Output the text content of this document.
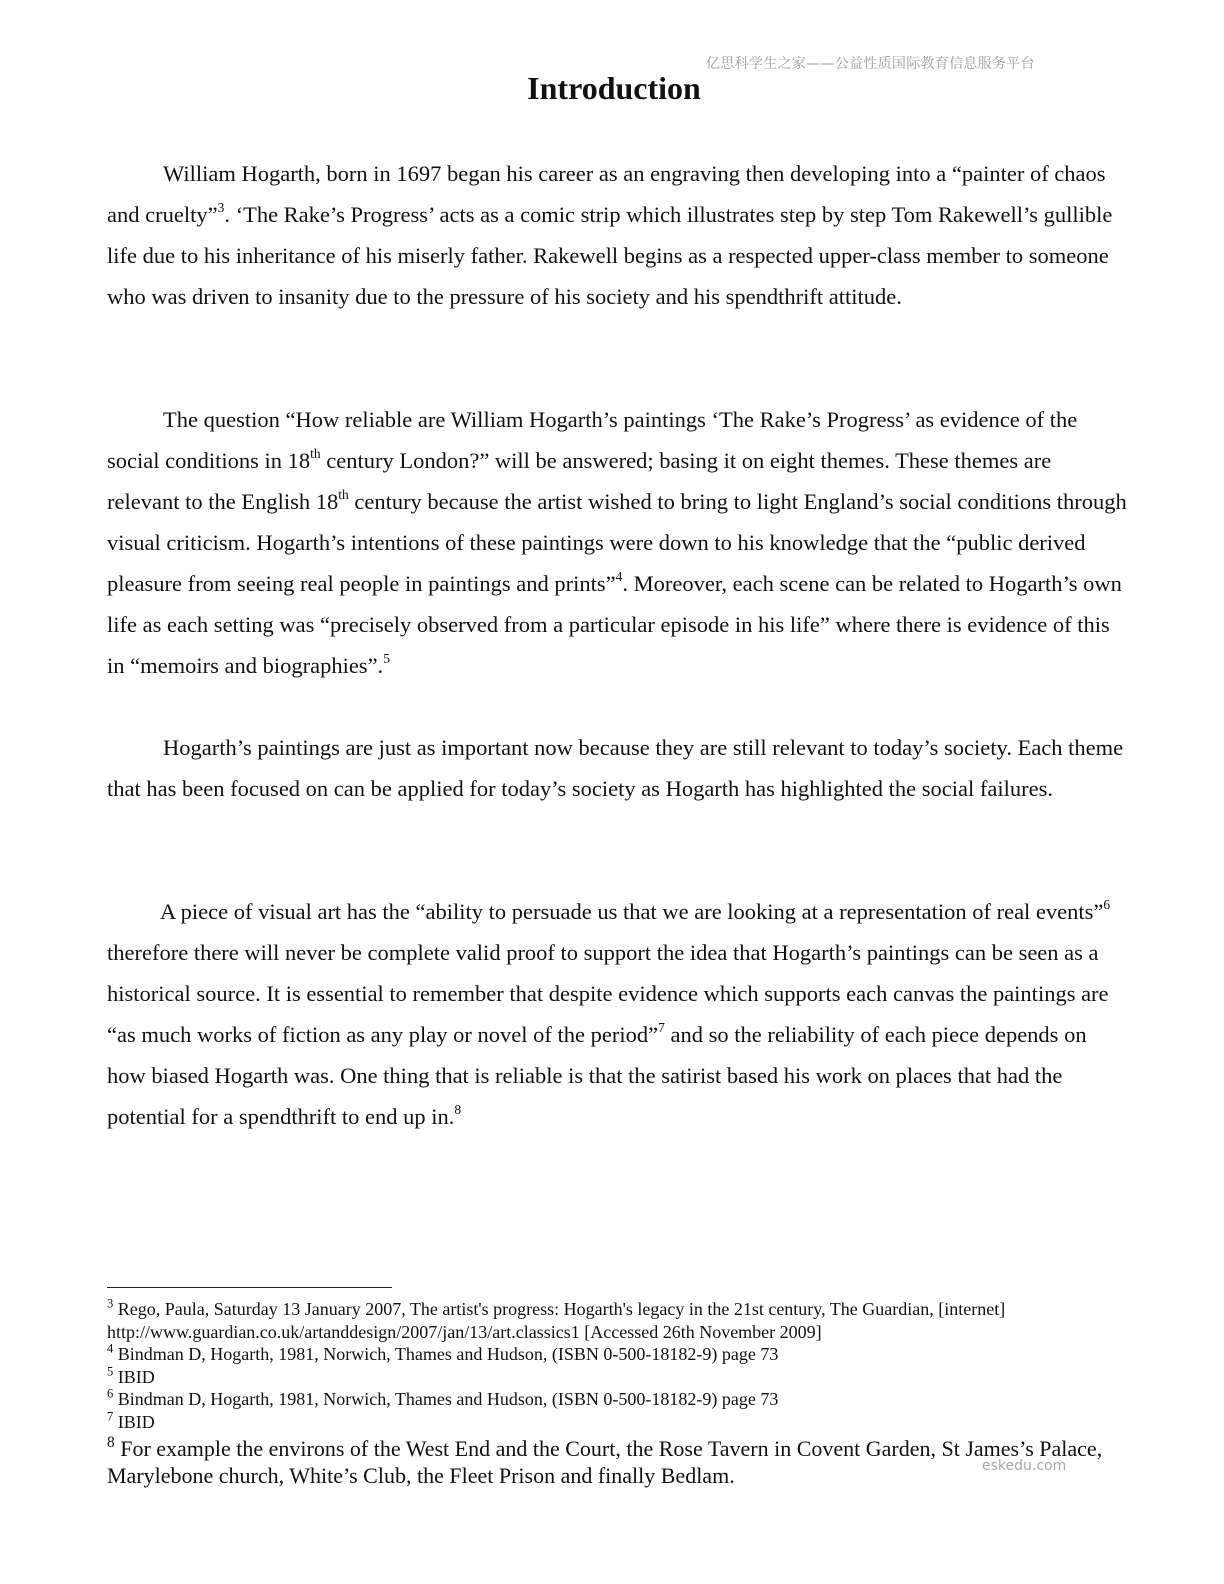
亿思科学生之家——公益性质国际教育信息服务平台
Introduction

William Hogarth, born in 1697 began his career as an engraving then developing into a “painter of chaos and cruelty”$^3$. ‘The Rake’s Progress’ acts as a comic strip which illustrates step by step Tom Rakewell’s gullible life due to his inheritance of his miserly father. Rakewell begins as a respected upper-class member to someone who was driven to insanity due to the pressure of his society and his spendthrift attitude.

The question “How reliable are William Hogarth’s paintings ‘The Rake’s Progress’ as evidence of the social conditions in 18th century London?” will be answered; basing it on eight themes. These themes are relevant to the English 18th century because the artist wished to bring to light England’s social conditions through visual criticism. Hogarth’s intentions of these paintings were down to his knowledge that the “public derived pleasure from seeing real people in paintings and prints”$^4$. Moreover, each scene can be related to Hogarth’s own life as each setting was “precisely observed from a particular episode in his life” where there is evidence of this in “memoirs and biographies”.$^5$

Hogarth’s paintings are just as important now because they are still relevant to today’s society. Each theme that has been focused on can be applied for today’s society as Hogarth has highlighted the social failures.

A piece of visual art has the “ability to persuade us that we are looking at a representation of real events”$^6$ therefore there will never be complete valid proof to support the idea that Hogarth’s paintings can be seen as a historical source. It is essential to remember that despite evidence which supports each canvas the paintings are “as much works of fiction as any play or novel of the period”$^7$ and so the reliability of each piece depends on how biased Hogarth was. One thing that is reliable is that the satirist based his work on places that had the potential for a spendthrift to end up in.$^8$

$^3$ Rego, Paula, Saturday 13 January 2007, The artist's progress: Hogarth's legacy in the 21st century, The Guardian, [internet] http://www.guardian.co.uk/artanddesign/2007/jan/13/art.classics1 [Accessed 26th November 2009]

$^4$ Bindman D, Hogarth, 1981, Norwich, Thames and Hudson, (ISBN 0-500-18182-9) page 73

$^5$ IBID

$^6$ Bindman D, Hogarth, 1981, Norwich, Thames and Hudson, (ISBN 0-500-18182-9) page 73

$^7$ IBID

$^8$ For example the environs of the West End and the Court, the Rose Tavern in Covent Garden, St James’s Palace, Marylebone church, White’s Club, the Fleet Prison and finally Bedlam.	eskedu.com
